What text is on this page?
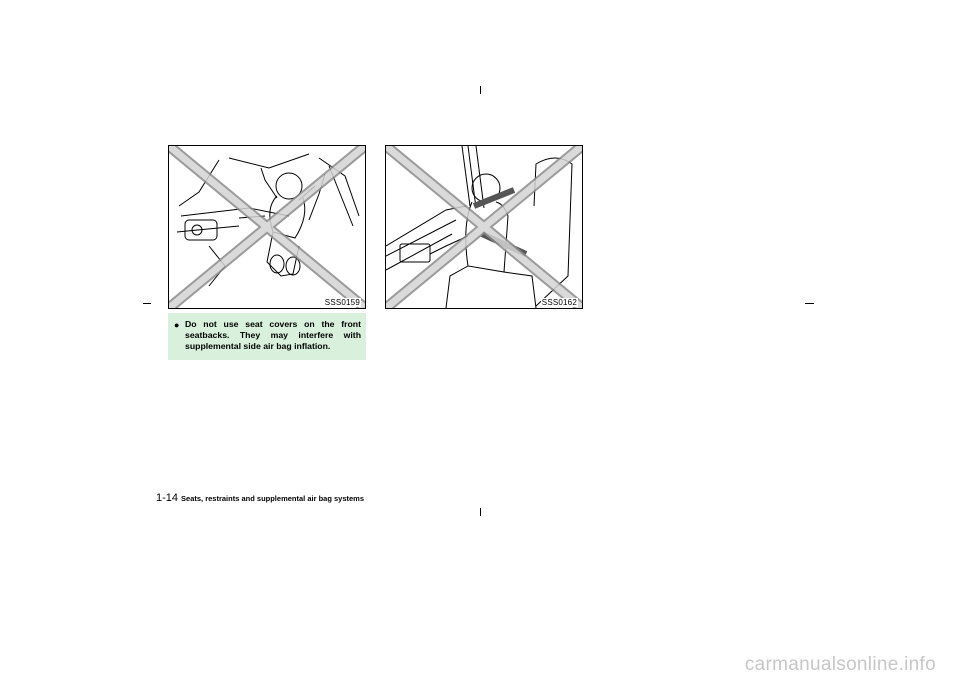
SSS0159	SSS0162
● Do not use seat covers on the front seatbacks. They may interfere with supplemental side air bag inflation.
1-14 Seats, restraints and supplemental air bag systems
carmanualsonline.info
